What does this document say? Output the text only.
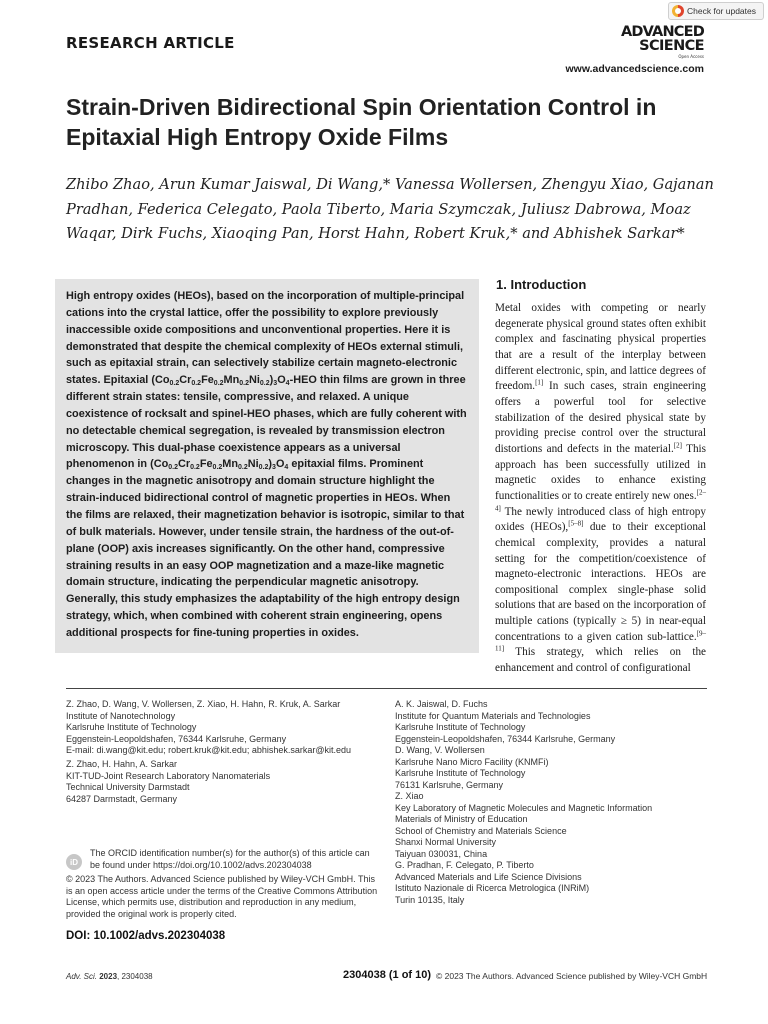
Check for updates
RESEARCH ARTICLE
ADVANCED
SCIENCE
Open Access
www.advancedscience.com
Strain-Driven Bidirectional Spin Orientation Control in Epitaxial High Entropy Oxide Films
Zhibo Zhao, Arun Kumar Jaiswal, Di Wang,* Vanessa Wollersen, Zhengyu Xiao, Gajanan Pradhan, Federica Celegato, Paola Tiberto, Maria Szymczak, Juliusz Dabrowa, Moaz Waqar, Dirk Fuchs, Xiaoqing Pan, Horst Hahn, Robert Kruk,* and Abhishek Sarkar*
High entropy oxides (HEOs), based on the incorporation of multiple-principal cations into the crystal lattice, offer the possibility to explore previously inaccessible oxide compositions and unconventional properties. Here it is demonstrated that despite the chemical complexity of HEOs external stimuli, such as epitaxial strain, can selectively stabilize certain magneto-electronic states. Epitaxial $(Co_{0.2}Cr_{0.2}Fe_{0.2}Mn_{0.2}Ni_{0.2})_3O_4$-HEO thin films are grown in three different strain states: tensile, compressive, and relaxed. A unique coexistence of rocksalt and spinel-HEO phases, which are fully coherent with no detectable chemical segregation, is revealed by transmission electron microscopy. This dual-phase coexistence appears as a universal phenomenon in $(Co_{0.2}Cr_{0.2}Fe_{0.2}Mn_{0.2}Ni_{0.2})_3O_4$ epitaxial films. Prominent changes in the magnetic anisotropy and domain structure highlight the strain-induced bidirectional control of magnetic properties in HEOs. When the films are relaxed, their magnetization behavior is isotropic, similar to that of bulk materials. However, under tensile strain, the hardness of the out-of-plane (OOP) axis increases significantly. On the other hand, compressive straining results in an easy OOP magnetization and a maze-like magnetic domain structure, indicating the perpendicular magnetic anisotropy. Generally, this study emphasizes the adaptability of the high entropy design strategy, which, when combined with coherent strain engineering, opens additional prospects for fine-tuning properties in oxides.
1. Introduction
Metal oxides with competing or nearly degenerate physical ground states often exhibit complex and fascinating physical properties that are a result of the interplay between different electronic, spin, and lattice degrees of freedom.[1] In such cases, strain engineering offers a powerful tool for selective stabilization of the desired physical state by providing precise control over the structural distortions and defects in the material.[2] This approach has been successfully utilized in magnetic oxides to enhance existing functionalities or to create entirely new ones.[2–4] The newly introduced class of high entropy oxides (HEOs),[5–8] due to their exceptional chemical complexity, provides a natural setting for the competition/coexistence of magneto-electronic interactions. HEOs are compositional complex single-phase solid solutions that are based on the incorporation of multiple cations (typically ≥ 5) in near-equal concentrations to a given cation sub-lattice.[9–11] This strategy, which relies on the enhancement and control of configurational
Z. Zhao, D. Wang, V. Wollersen, Z. Xiao, H. Hahn, R. Kruk, A. Sarkar
Institute of Nanotechnology
Karlsruhe Institute of Technology
Eggenstein-Leopoldshafen, 76344 Karlsruhe, Germany
E-mail: di.wang@kit.edu; robert.kruk@kit.edu; abhishek.sarkar@kit.edu
Z. Zhao, H. Hahn, A. Sarkar
KIT-TUD-Joint Research Laboratory Nanomaterials
Technical University Darmstadt
64287 Darmstadt, Germany
A. K. Jaiswal, D. Fuchs
Institute for Quantum Materials and Technologies
Karlsruhe Institute of Technology
Eggenstein-Leopoldshafen, 76344 Karlsruhe, Germany
D. Wang, V. Wollersen
Karlsruhe Nano Micro Facility (KNMFi)
Karlsruhe Institute of Technology
76131 Karlsruhe, Germany
Z. Xiao
Key Laboratory of Magnetic Molecules and Magnetic Information
Materials of Ministry of Education
School of Chemistry and Materials Science
Shanxi Normal University
Taiyuan 030031, China
G. Pradhan, F. Celegato, P. Tiberto
Advanced Materials and Life Science Divisions
Istituto Nazionale di Ricerca Metrologica (INRiM)
Turin 10135, Italy
iD
The ORCID identification number(s) for the author(s) of this article can be found under https://doi.org/10.1002/advs.202304038
© 2023 The Authors. Advanced Science published by Wiley-VCH GmbH. This is an open access article under the terms of the Creative Commons Attribution License, which permits use, distribution and reproduction in any medium, provided the original work is properly cited.
DOI: 10.1002/advs.202304038
Adv. Sci. 2023, 2304038	2304038 (1 of 10) © 2023 The Authors. Advanced Science published by Wiley-VCH GmbH
